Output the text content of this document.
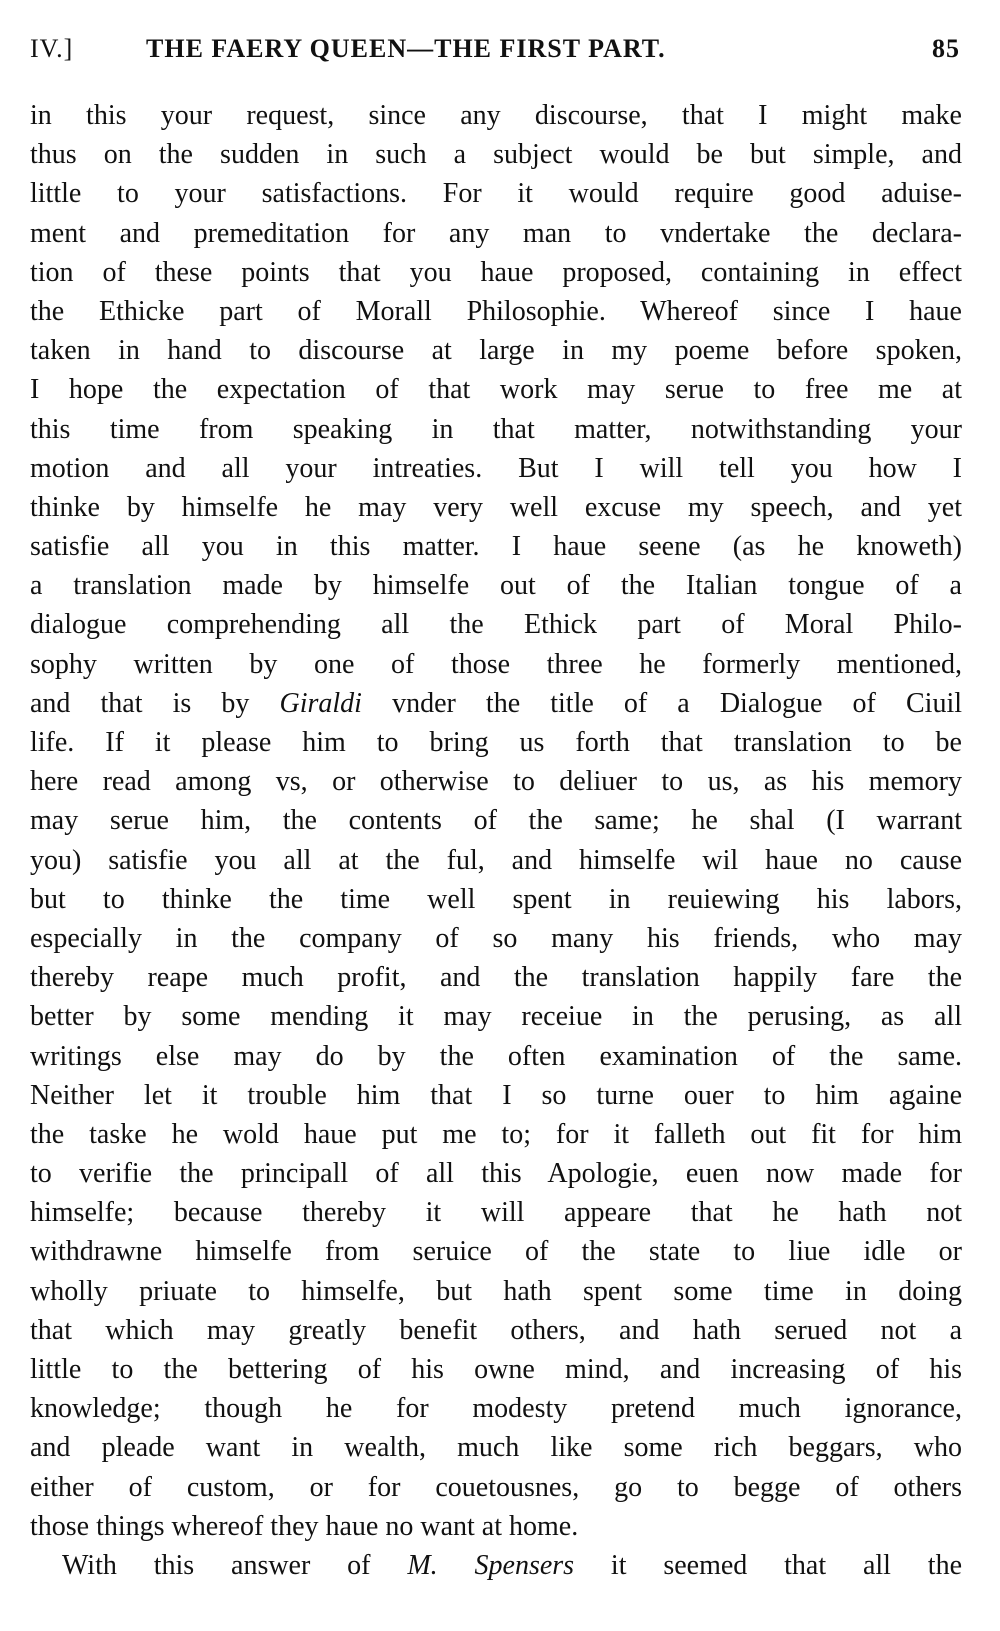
IV.]	THE FAERY QUEEN—THE FIRST PART.	85
in this your request, since any discourse, that I might make
thus on the sudden in such a subject would be but simple, and
little to your satisfactions. For it would require good aduise-
ment and premeditation for any man to vndertake the declara-
tion of these points that you haue proposed, containing in effect
the Ethicke part of Morall Philosophie. Whereof since I haue
taken in hand to discourse at large in my poeme before spoken,
I hope the expectation of that work may serue to free me at
this time from speaking in that matter, notwithstanding your
motion and all your intreaties. But I will tell you how I
thinke by himselfe he may very well excuse my speech, and yet
satisfie all you in this matter. I haue seene (as he knoweth)
a translation made by himselfe out of the Italian tongue of a
dialogue comprehending all the Ethick part of Moral Philo-
sophy written by one of those three he formerly mentioned,
and that is by Giraldi vnder the title of a Dialogue of Ciuil
life. If it please him to bring us forth that translation to be
here read among vs, or otherwise to deliuer to us, as his memory
may serue him, the contents of the same; he shal (I warrant
you) satisfie you all at the ful, and himselfe wil haue no cause
but to thinke the time well spent in reuiewing his labors,
especially in the company of so many his friends, who may
thereby reape much profit, and the translation happily fare the
better by some mending it may receiue in the perusing, as all
writings else may do by the often examination of the same.
Neither let it trouble him that I so turne ouer to him againe
the taske he wold haue put me to; for it falleth out fit for him
to verifie the principall of all this Apologie, euen now made for
himselfe; because thereby it will appeare that he hath not
withdrawne himselfe from seruice of the state to liue idle or
wholly priuate to himselfe, but hath spent some time in doing
that which may greatly benefit others, and hath serued not a
little to the bettering of his owne mind, and increasing of his
knowledge; though he for modesty pretend much ignorance,
and pleade want in wealth, much like some rich beggars, who
either of custom, or for couetousnes, go to begge of others
those things whereof they haue no want at home.
With this answer of M. Spensers it seemed that all the
